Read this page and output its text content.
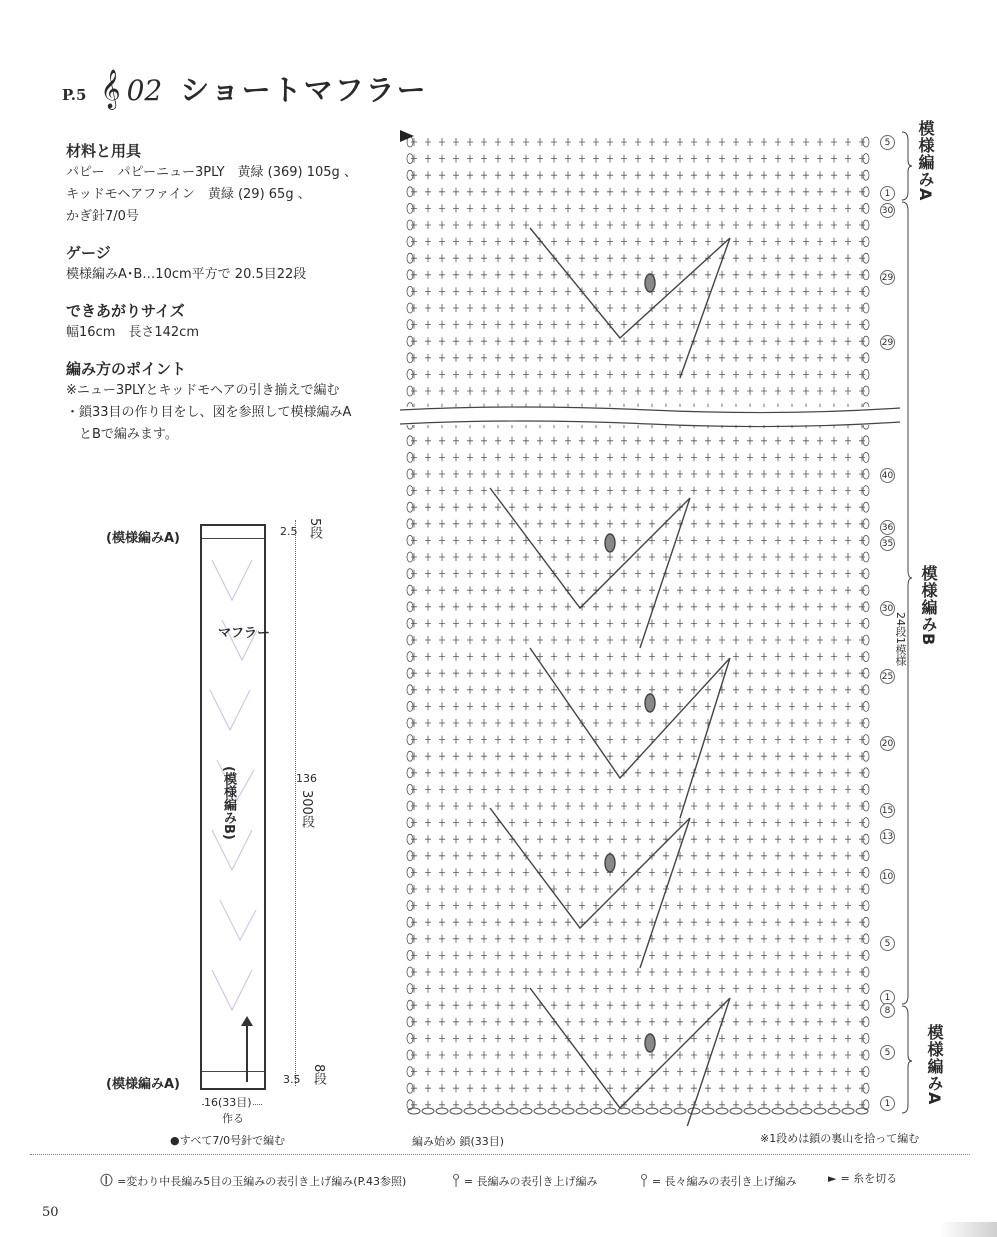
P.5 𝄞 02 ショートマフラー
材料と用具

パピー　パピーニュー3PLY　黄緑 (369) 105g 、

キッドモヘアファイン　黄緑 (29) 65g 、

かぎ針7/0号

ゲージ

模様編みA･B…10cm平方で 20.5目22段

できあがりサイズ

幅16cm　長さ142cm

編み方のポイント

※ニュー3PLYとキッドモヘアの引き揃えで編む

・鎖33目の作り目をし、図を参照して模様編みA

　とBで編みます。

マフラー
(模様編みB)
(模様編みA)
(模様編みA)
2.5 5段
136
300段
3.5 8段
16(33目)
作る
●すべて7/0号針で編む
5
1
30
29
29
40
36
35
30
25
20
15
13
10
5
1
8
5
1
24段1模様
模様編みA
模様編みB
模様編みA
編み始め 鎖(33目)	※1段めは鎖の裏山を拾って編む
⦶ =変わり中長編み5目の玉編みの表引き上げ編み(P.43参照)	⫯ = 長編みの表引き上げ編み ⫯ = 長々編みの表引き上げ編み	► = 糸を切る
50
